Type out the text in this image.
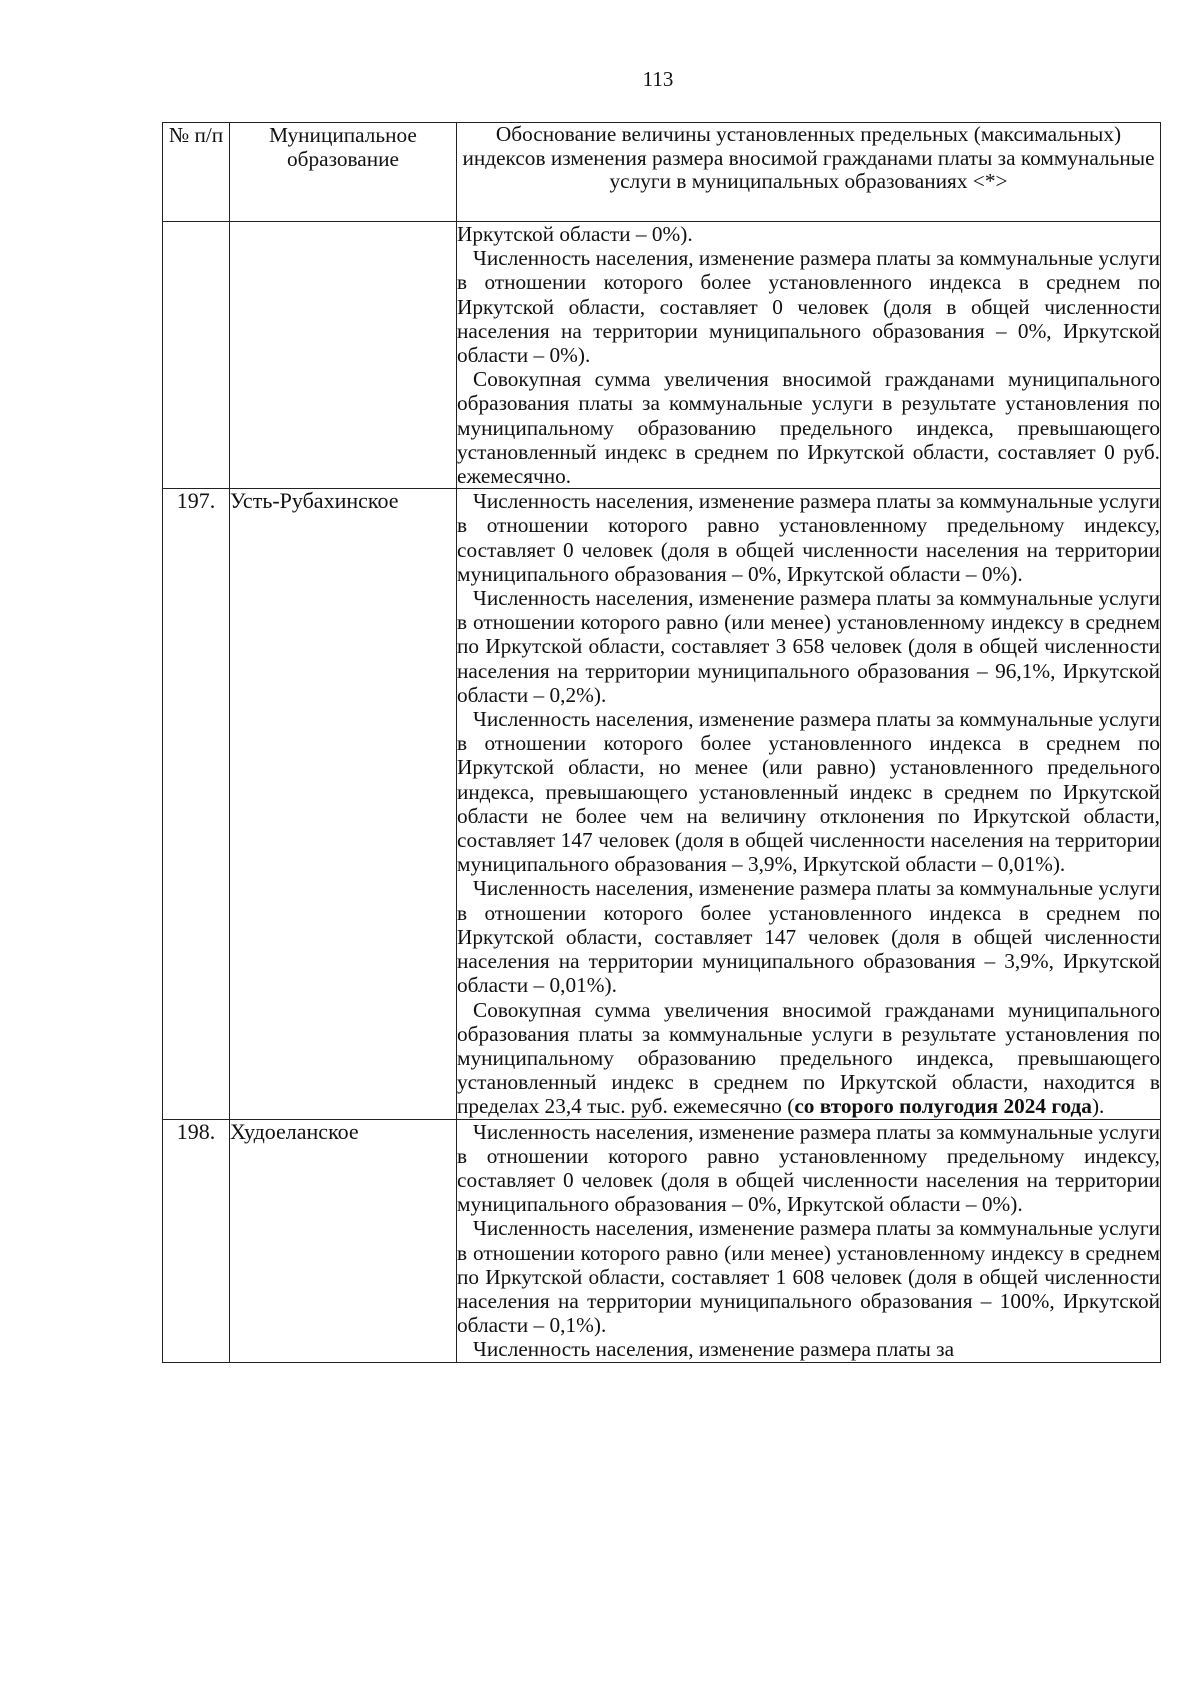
113
№ п/п	Муниципальное образование	Обоснование величины установленных предельных (максимальных) индексов изменения размера вносимой гражданами платы за коммунальные услуги в муниципальных образованиях <*>

		Иркутской области – 0%).

Численность населения, изменение размера платы за коммунальные услуги в отношении которого более установленного индекса в среднем по Иркутской области, составляет 0 человек (доля в общей численности населения на территории муниципального образования – 0%, Иркутской области – 0%).

Совокупная сумма увеличения вносимой гражданами муниципального образования платы за коммунальные услуги в результате установления по муниципальному образованию предельного индекса, превышающего установленный индекс в среднем по Иркутской области, составляет 0 руб. ежемесячно.

197.	Усть-Рубахинское	Численность населения, изменение размера платы за коммунальные услуги в отношении которого равно установленному предельному индексу, составляет 0 человек (доля в общей численности населения на территории муниципального образования – 0%, Иркутской области – 0%).

Численность населения, изменение размера платы за коммунальные услуги в отношении которого равно (или менее) установленному индексу в среднем по Иркутской области, составляет 3 658 человек (доля в общей численности населения на территории муниципального образования – 96,1%, Иркутской области – 0,2%).

Численность населения, изменение размера платы за коммунальные услуги в отношении которого более установленного индекса в среднем по Иркутской области, но менее (или равно) установленного предельного индекса, превышающего установленный индекс в среднем по Иркутской области не более чем на величину отклонения по Иркутской области, составляет 147 человек (доля в общей численности населения на территории муниципального образования – 3,9%, Иркутской области – 0,01%).

Численность населения, изменение размера платы за коммунальные услуги в отношении которого более установленного индекса в среднем по Иркутской области, составляет 147 человек (доля в общей численности населения на территории муниципального образования – 3,9%, Иркутской области – 0,01%).

Совокупная сумма увеличения вносимой гражданами муниципального образования платы за коммунальные услуги в результате установления по муниципальному образованию предельного индекса, превышающего установленный индекс в среднем по Иркутской области, находится в пределах 23,4 тыс. руб. ежемесячно (со второго полугодия 2024 года).

198.	Худоеланское	Численность населения, изменение размера платы за коммунальные услуги в отношении которого равно установленному предельному индексу, составляет 0 человек (доля в общей численности населения на территории муниципального образования – 0%, Иркутской области – 0%).

Численность населения, изменение размера платы за коммунальные услуги в отношении которого равно (или менее) установленному индексу в среднем по Иркутской области, составляет 1 608 человек (доля в общей численности населения на территории муниципального образования – 100%, Иркутской области – 0,1%).

Численность населения, изменение размера платы за
